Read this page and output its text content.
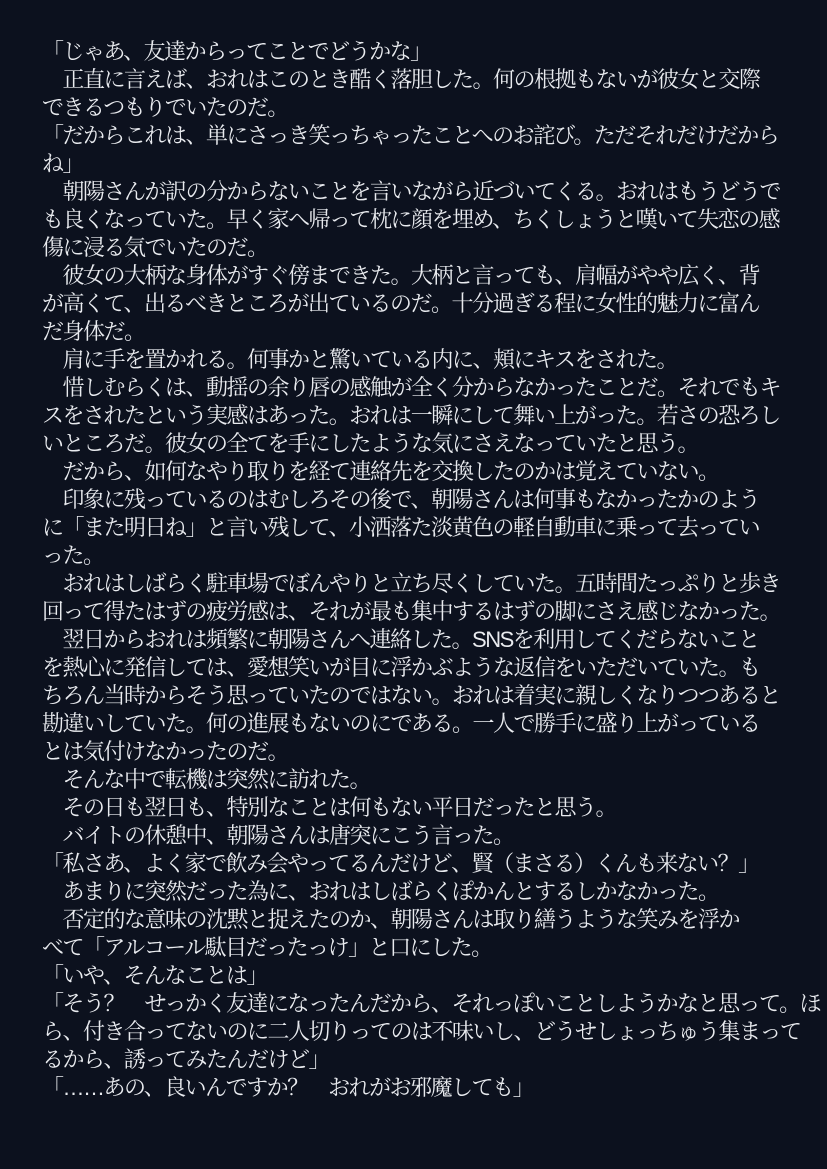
「じゃあ、友達からってことでどうかな」
　正直に言えば、おれはこのとき酷く落胆した。何の根拠もないが彼女と交際
できるつもりでいたのだ。
「だからこれは、単にさっき笑っちゃったことへのお詫び。ただそれだけだから
ね」
　朝陽さんが訳の分からないことを言いながら近づいてくる。おれはもうどうで
も良くなっていた。早く家へ帰って枕に顔を埋め、ちくしょうと嘆いて失恋の感
傷に浸る気でいたのだ。
　彼女の大柄な身体がすぐ傍まできた。大柄と言っても、肩幅がやや広く、背
が高くて、出るべきところが出ているのだ。十分過ぎる程に女性的魅力に富ん
だ身体だ。
　肩に手を置かれる。何事かと驚いている内に、頬にキスをされた。
　惜しむらくは、動揺の余り唇の感触が全く分からなかったことだ。それでもキ
スをされたという実感はあった。おれは一瞬にして舞い上がった。若さの恐ろし
いところだ。彼女の全てを手にしたような気にさえなっていたと思う。
　だから、如何なやり取りを経て連絡先を交換したのかは覚えていない。
　印象に残っているのはむしろその後で、朝陽さんは何事もなかったかのよう
に「また明日ね」と言い残して、小洒落た淡黄色の軽自動車に乗って去ってい
った。
　おれはしばらく駐車場でぼんやりと立ち尽くしていた。五時間たっぷりと歩き
回って得たはずの疲労感は、それが最も集中するはずの脚にさえ感じなかった。
　翌日からおれは頻繁に朝陽さんへ連絡した。SNSを利用してくだらないこと
を熱心に発信しては、愛想笑いが目に浮かぶような返信をいただいていた。も
ちろん当時からそう思っていたのではない。おれは着実に親しくなりつつあると
勘違いしていた。何の進展もないのにである。一人で勝手に盛り上がっている
とは気付けなかったのだ。
　そんな中で転機は突然に訪れた。
　その日も翌日も、特別なことは何もない平日だったと思う。
　バイトの休憩中、朝陽さんは唐突にこう言った。
「私さあ、よく家で飲み会やってるんだけど、賢（まさる）くんも来ない？」
　あまりに突然だった為に、おれはしばらくぽかんとするしかなかった。
　否定的な意味の沈黙と捉えたのか、朝陽さんは取り繕うような笑みを浮か
べて「アルコール駄目だったっけ」と口にした。
「いや、そんなことは」
「そう？　せっかく友達になったんだから、それっぽいことしようかなと思って。ほ
ら、付き合ってないのに二人切りってのは不味いし、どうせしょっちゅう集まって
るから、誘ってみたんだけど」
「……あの、良いんですか？　おれがお邪魔しても」
